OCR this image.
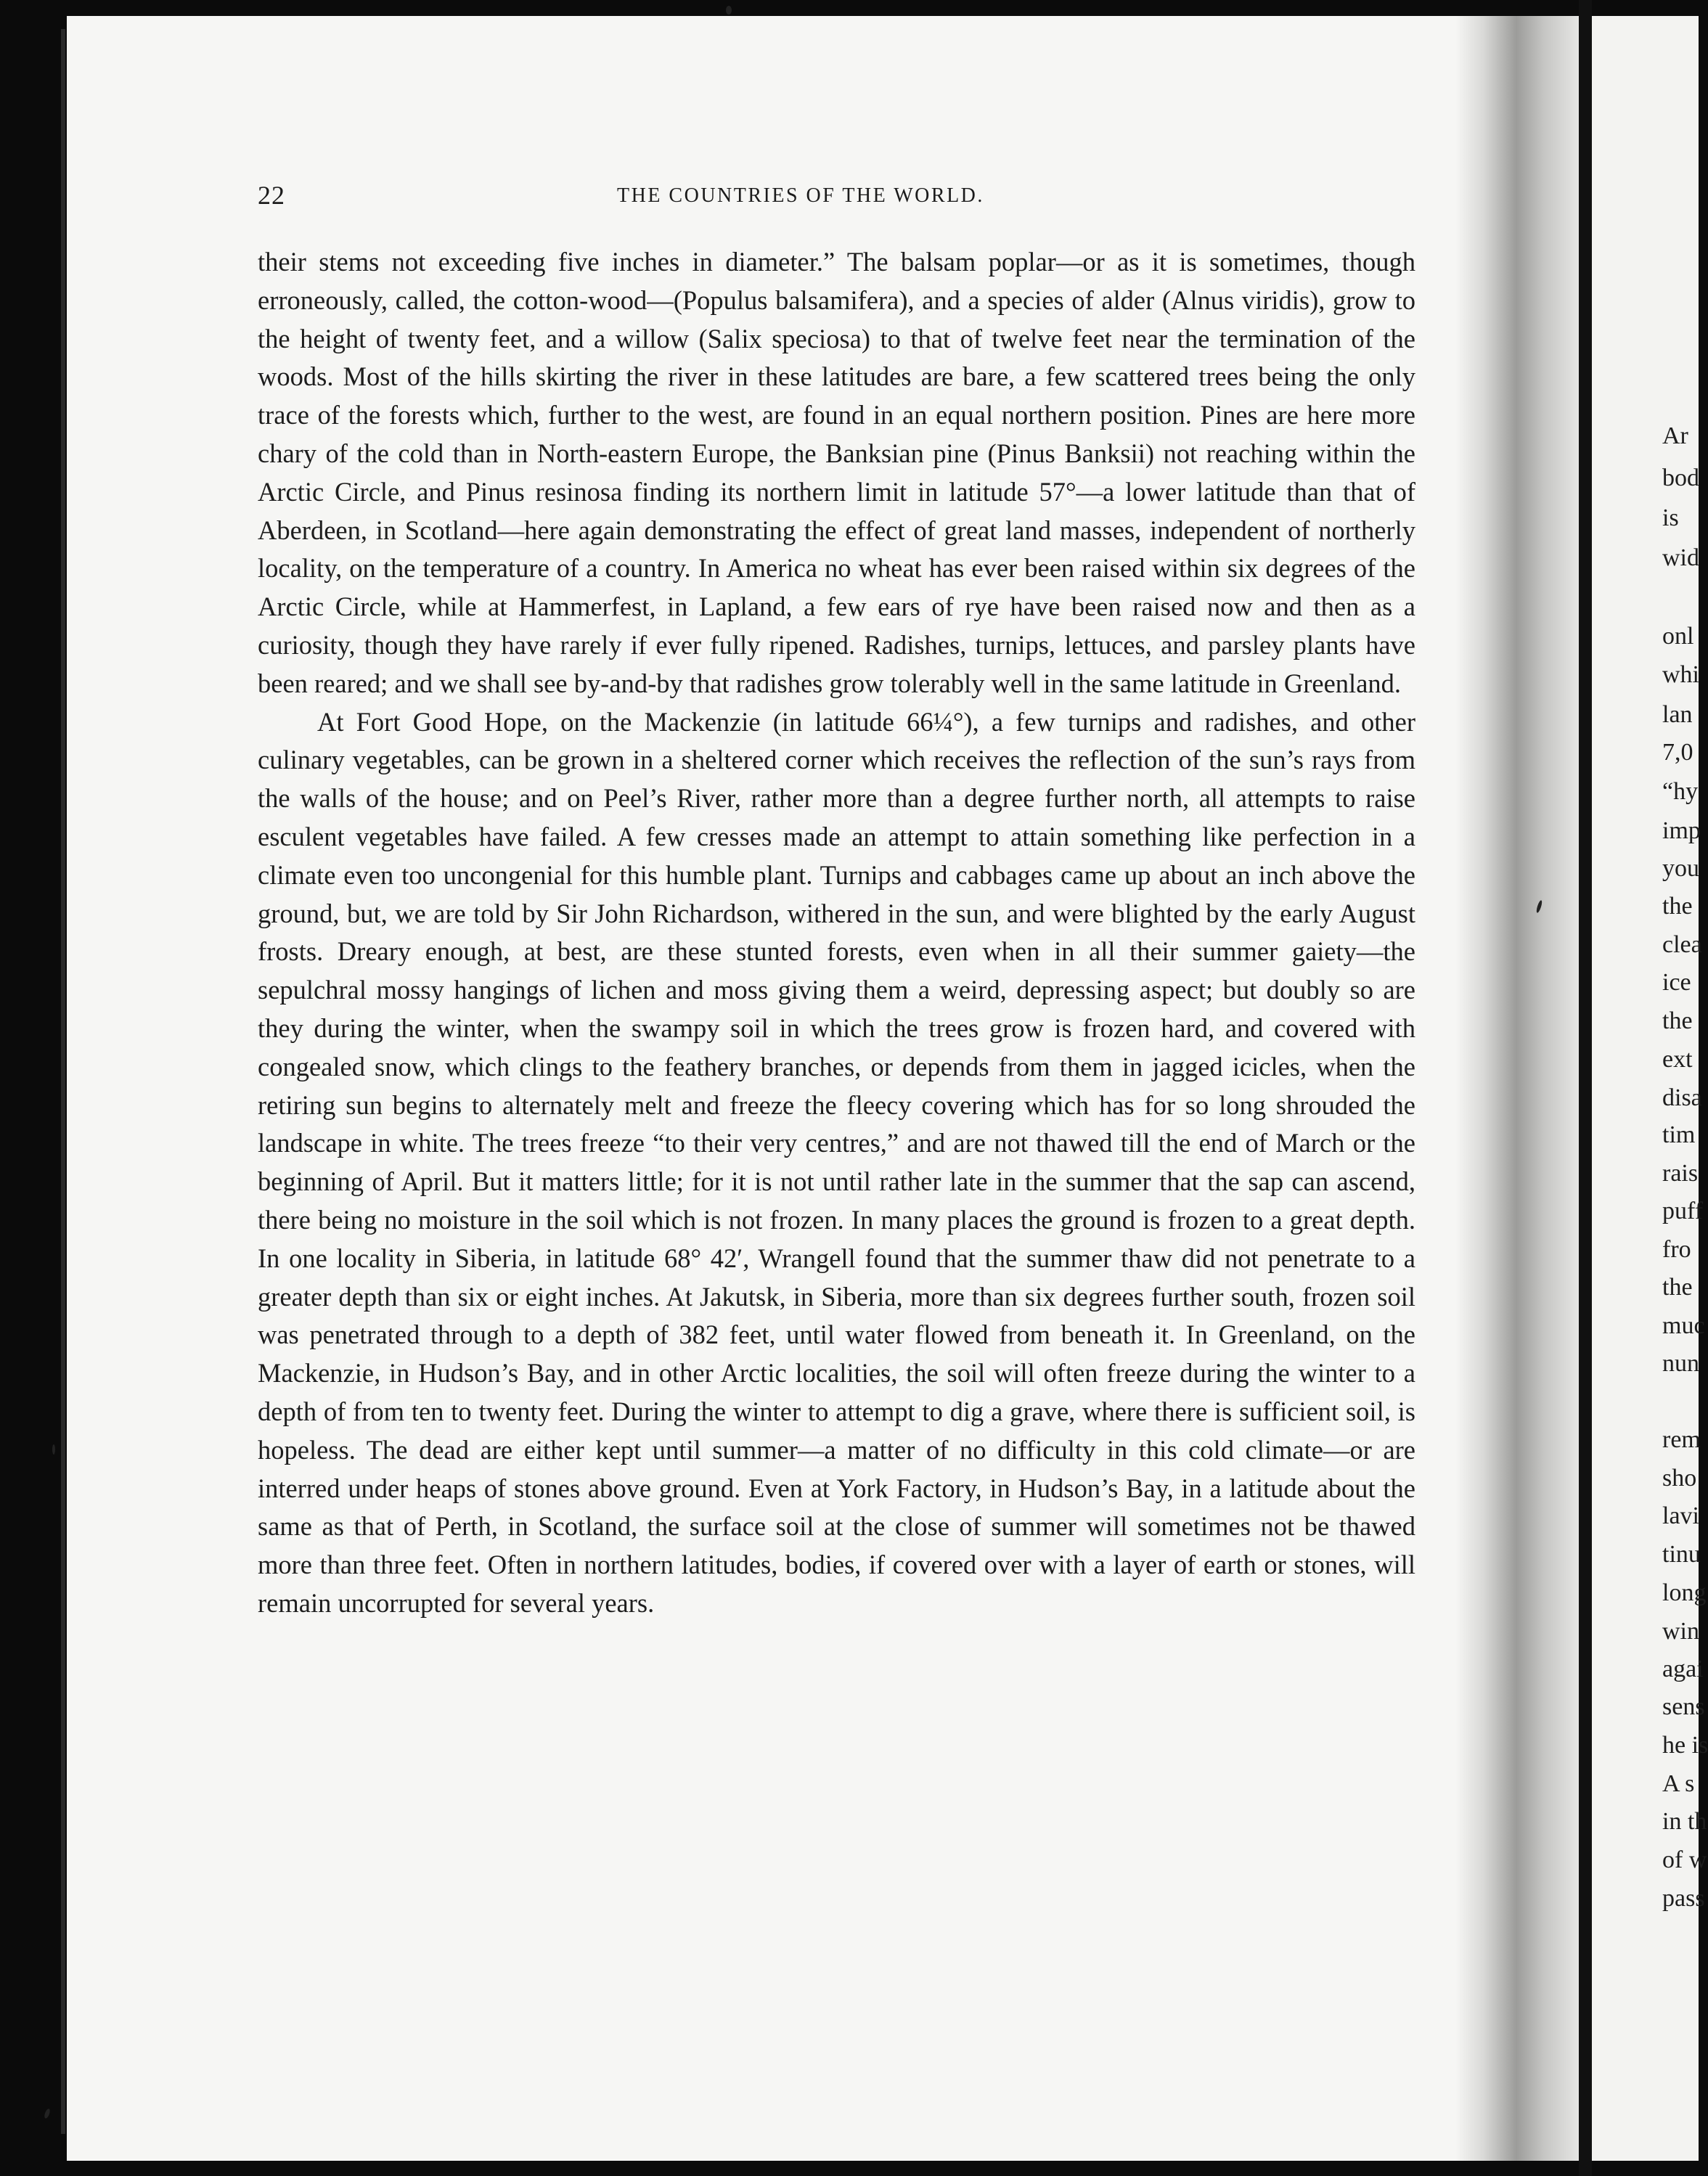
22	THE COUNTRIES OF THE WORLD.

their stems not exceeding five inches in diameter.” The balsam poplar—or as it is sometimes, though erroneously, called, the cotton-wood—(Populus balsamifera), and a species of alder (Alnus viridis), grow to the height of twenty feet, and a willow (Salix speciosa) to that of twelve feet near the termination of the woods. Most of the hills skirting the river in these latitudes are bare, a few scattered trees being the only trace of the forests which, further to the west, are found in an equal northern position. Pines are here more chary of the cold than in North-eastern Europe, the Banksian pine (Pinus Banksii) not reaching within the Arctic Circle, and Pinus resinosa finding its northern limit in latitude 57°—a lower latitude than that of Aberdeen, in Scotland—here again demonstrating the effect of great land masses, independent of northerly locality, on the temperature of a country. In America no wheat has ever been raised within six degrees of the Arctic Circle, while at Hammerfest, in Lapland, a few ears of rye have been raised now and then as a curiosity, though they have rarely if ever fully ripened. Radishes, turnips, lettuces, and parsley plants have been reared; and we shall see by-and-by that radishes grow tolerably well in the same latitude in Greenland.

At Fort Good Hope, on the Mackenzie (in latitude 66¼°), a few turnips and radishes, and other culinary vegetables, can be grown in a sheltered corner which receives the reflection of the sun’s rays from the walls of the house; and on Peel’s River, rather more than a degree further north, all attempts to raise esculent vegetables have failed. A few cresses made an attempt to attain something like perfection in a climate even too uncongenial for this humble plant. Turnips and cabbages came up about an inch above the ground, but, we are told by Sir John Richardson, withered in the sun, and were blighted by the early August frosts. Dreary enough, at best, are these stunted forests, even when in all their summer gaiety—the sepulchral mossy hangings of lichen and moss giving them a weird, depressing aspect; but doubly so are they during the winter, when the swampy soil in which the trees grow is frozen hard, and covered with congealed snow, which clings to the feathery branches, or depends from them in jagged icicles, when the retiring sun begins to alternately melt and freeze the fleecy covering which has for so long shrouded the landscape in white. The trees freeze “to their very centres,” and are not thawed till the end of March or the beginning of April. But it matters little; for it is not until rather late in the summer that the sap can ascend, there being no moisture in the soil which is not frozen. In many places the ground is frozen to a great depth. In one locality in Siberia, in latitude 68° 42′, Wrangell found that the summer thaw did not penetrate to a greater depth than six or eight inches. At Jakutsk, in Siberia, more than six degrees further south, frozen soil was penetrated through to a depth of 382 feet, until water flowed from beneath it. In Greenland, on the Mackenzie, in Hudson’s Bay, and in other Arctic localities, the soil will often freeze during the winter to a depth of from ten to twenty feet. During the winter to attempt to dig a grave, where there is sufficient soil, is hopeless. The dead are either kept until summer—a matter of no difficulty in this cold climate—or are interred under heaps of stones above ground. Even at York Factory, in Hudson’s Bay, in a latitude about the same as that of Perth, in Scotland, the surface soil at the close of summer will sometimes not be thawed more than three feet. Often in northern latitudes, bodies, if covered over with a layer of earth or stones, will remain uncorrupted for several years.

Ar
bod
is
wid
onl
whi
lan
7,0
“hy
imp
you
the
clea
ice
the
ext
disa
tim
rais
puff
fro
the
muc
nun
rem
sho
lavi
tinu
long
win
agai
sens
he is
A s
in th
of w
pass
